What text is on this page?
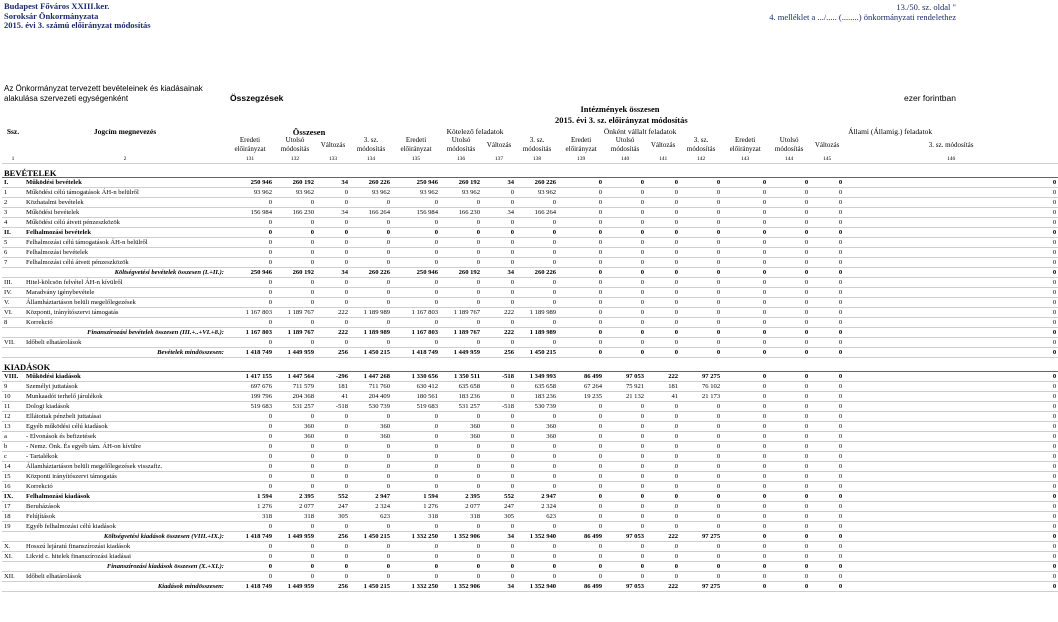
Budapest Főváros XXIII.ker.
Soroksár Önkormányzata
2015. évi 3. számú előirányzat módosítás
13./50. sz. oldal "
4. melléklet a .../..... (........) önkormányzati rendelethez
Az Önkormányzat tervezett bevételeinek és kiadásainak
alakulása szervezeti egységenként	Összegzések	ezer forintban
Intézmények összesen
2015. évi 3. sz. előirányzat módosítás
Ssz.	Jogcím megnevezés	Összesen				Kötelező feladatok				Önként vállalt feladatok				Állami (Államig.) feladatok			
		Eredeti előirányzat	Utolsó módosítás	Változás	3. sz. módosítás	Eredeti előirányzat	Utolsó módosítás	Változás	3. sz. módosítás	Eredeti előirányzat	Utolsó módosítás	Változás	3. sz. módosítás	Eredeti előirányzat	Utolsó módosítás	Változás	3. sz. módosítás
1	2	131	132	133	134	135	136	137	138	139	140	141	142	143	144	145	146
BEVÉTELEK																	
I.	Működési bevételek	250 946	260 192	34	260 226	250 946	260 192	34	260 226	0	0	0	0	0	0	0	0
1	Működési célú támogatások ÁH-n belülről	93 962	93 962	0	93 962	93 962	93 962	0	93 962	0	0	0	0	0	0	0	0
2	Közhatalmi bevételek	0	0	0	0	0	0	0	0	0	0	0	0	0	0	0	0
3	Működési bevételek	156 984	166 230	34	166 264	156 984	166 230	34	166 264	0	0	0	0	0	0	0	0
4	Működési célú átvett pénzeszközök	0	0	0	0	0	0	0	0	0	0	0	0	0	0	0	0
II.	Felhalmozási bevételek	0	0	0	0	0	0	0	0	0	0	0	0	0	0	0	0
5	Felhalmozási célú támogatások ÁH-n belülről	0	0	0	0	0	0	0	0	0	0	0	0	0	0	0	0
6	Felhalmozási bevételek	0	0	0	0	0	0	0	0	0	0	0	0	0	0	0	0
7	Felhalmozási célú átvett pénzeszközök	0	0	0	0	0	0	0	0	0	0	0	0	0	0	0	0
	Költségvetési bevételek összesen (I.+II.):	250 946	260 192	34	260 226	250 946	260 192	34	260 226	0	0	0	0	0	0	0	0
III.	Hitel-kölcsön felvétel ÁH-n kívülről	0	0	0	0	0	0	0	0	0	0	0	0	0	0	0	0
IV.	Maradvány igénybevétele	0	0	0	0	0	0	0	0	0	0	0	0	0	0	0	0
V.	Államháztartáson belüli megelőlegezések	0	0	0	0	0	0	0	0	0	0	0	0	0	0	0	0
VI.	Központi, irányítószervi támogatás	1 167 803	1 189 767	222	1 189 989	1 167 803	1 189 767	222	1 189 989	0	0	0	0	0	0	0	0
8	Korrekció	0	0	0	0	0	0	0	0	0	0	0	0	0	0	0	0
	Finanszírozási bevételek összesen (III.+..+VI.+8.):	1 167 803	1 189 767	222	1 189 989	1 167 803	1 189 767	222	1 189 989	0	0	0	0	0	0	0	0
VII.	Időbeli elhatárolások	0	0	0	0	0	0	0	0	0	0	0	0	0	0	0	0
	Bevételek mindösszesen:	1 418 749	1 449 959	256	1 450 215	1 418 749	1 449 959	256	1 450 215	0	0	0	0	0	0	0	0
KIADÁSOK																	
VIII.	Működési kiadások	1 417 155	1 447 564	-296	1 447 268	1 330 656	1 350 511	-518	1 349 993	86 499	97 053	222	97 275	0	0	0	0
9	Személyi juttatások	697 676	711 579	181	711 760	630 412	635 658	0	635 658	67 264	75 921	181	76 102	0	0	0	0
10	Munkaadót terhelő járulékok	199 796	204 368	41	204 409	180 561	183 236	0	183 236	19 235	21 132	41	21 173	0	0	0	0
11	Dologi kiadások	519 683	531 257	-518	530 739	519 683	531 257	-518	530 739	0	0	0	0	0	0	0	0
12	Ellátottak pénzbeli juttatásai	0	0	0	0	0	0	0	0	0	0	0	0	0	0	0	0
13	Egyéb működési célú kiadások	0	360	0	360	0	360	0	360	0	0	0	0	0	0	0	0
a	- Elvonások és befizetések	0	360	0	360	0	360	0	360	0	0	0	0	0	0	0	0
b	- Nemz. Önk. És egyéb tám. ÁH-on kívülre	0	0	0	0	0	0	0	0	0	0	0	0	0	0	0	0
c	- Tartalékok	0	0	0	0	0	0	0	0	0	0	0	0	0	0	0	0
14	Államháztartáson belüli megelőlegezések visszafiz.	0	0	0	0	0	0	0	0	0	0	0	0	0	0	0	0
15	Központi irányítószervi támogatás	0	0	0	0	0	0	0	0	0	0	0	0	0	0	0	0
16	Korrekció	0	0	0	0	0	0	0	0	0	0	0	0	0	0	0	0
IX.	Felhalmozási kiadások	1 594	2 395	552	2 947	1 594	2 395	552	2 947	0	0	0	0	0	0	0	0
17	Beruházások	1 276	2 077	247	2 324	1 276	2 077	247	2 324	0	0	0	0	0	0	0	0
18	Felújítások	318	318	305	623	318	318	305	623	0	0	0	0	0	0	0	0
19	Egyéb felhalmozási célú kiadások	0	0	0	0	0	0	0	0	0	0	0	0	0	0	0	0
	Költségvetési kiadások összesen (VIII.+IX.):	1 418 749	1 449 959	256	1 450 215	1 332 250	1 352 906	34	1 352 940	86 499	97 053	222	97 275	0	0	0	0
X.	Hosszú lejáratú finanszírozási kiadások	0	0	0	0	0	0	0	0	0	0	0	0	0	0	0	0
XI.	Likvid c. hitelek finanszírozási kiadásai	0	0	0	0	0	0	0	0	0	0	0	0	0	0	0	0
	Finanszírozási kiadások összesen (X.+XI.):	0	0	0	0	0	0	0	0	0	0	0	0	0	0	0	0
XII.	Időbeli elhatárolások	0	0	0	0	0	0	0	0	0	0	0	0	0	0	0	0
	Kiadások mindösszesen:	1 418 749	1 449 959	256	1 450 215	1 332 250	1 352 906	34	1 352 940	86 499	97 053	222	97 275	0	0	0	0
